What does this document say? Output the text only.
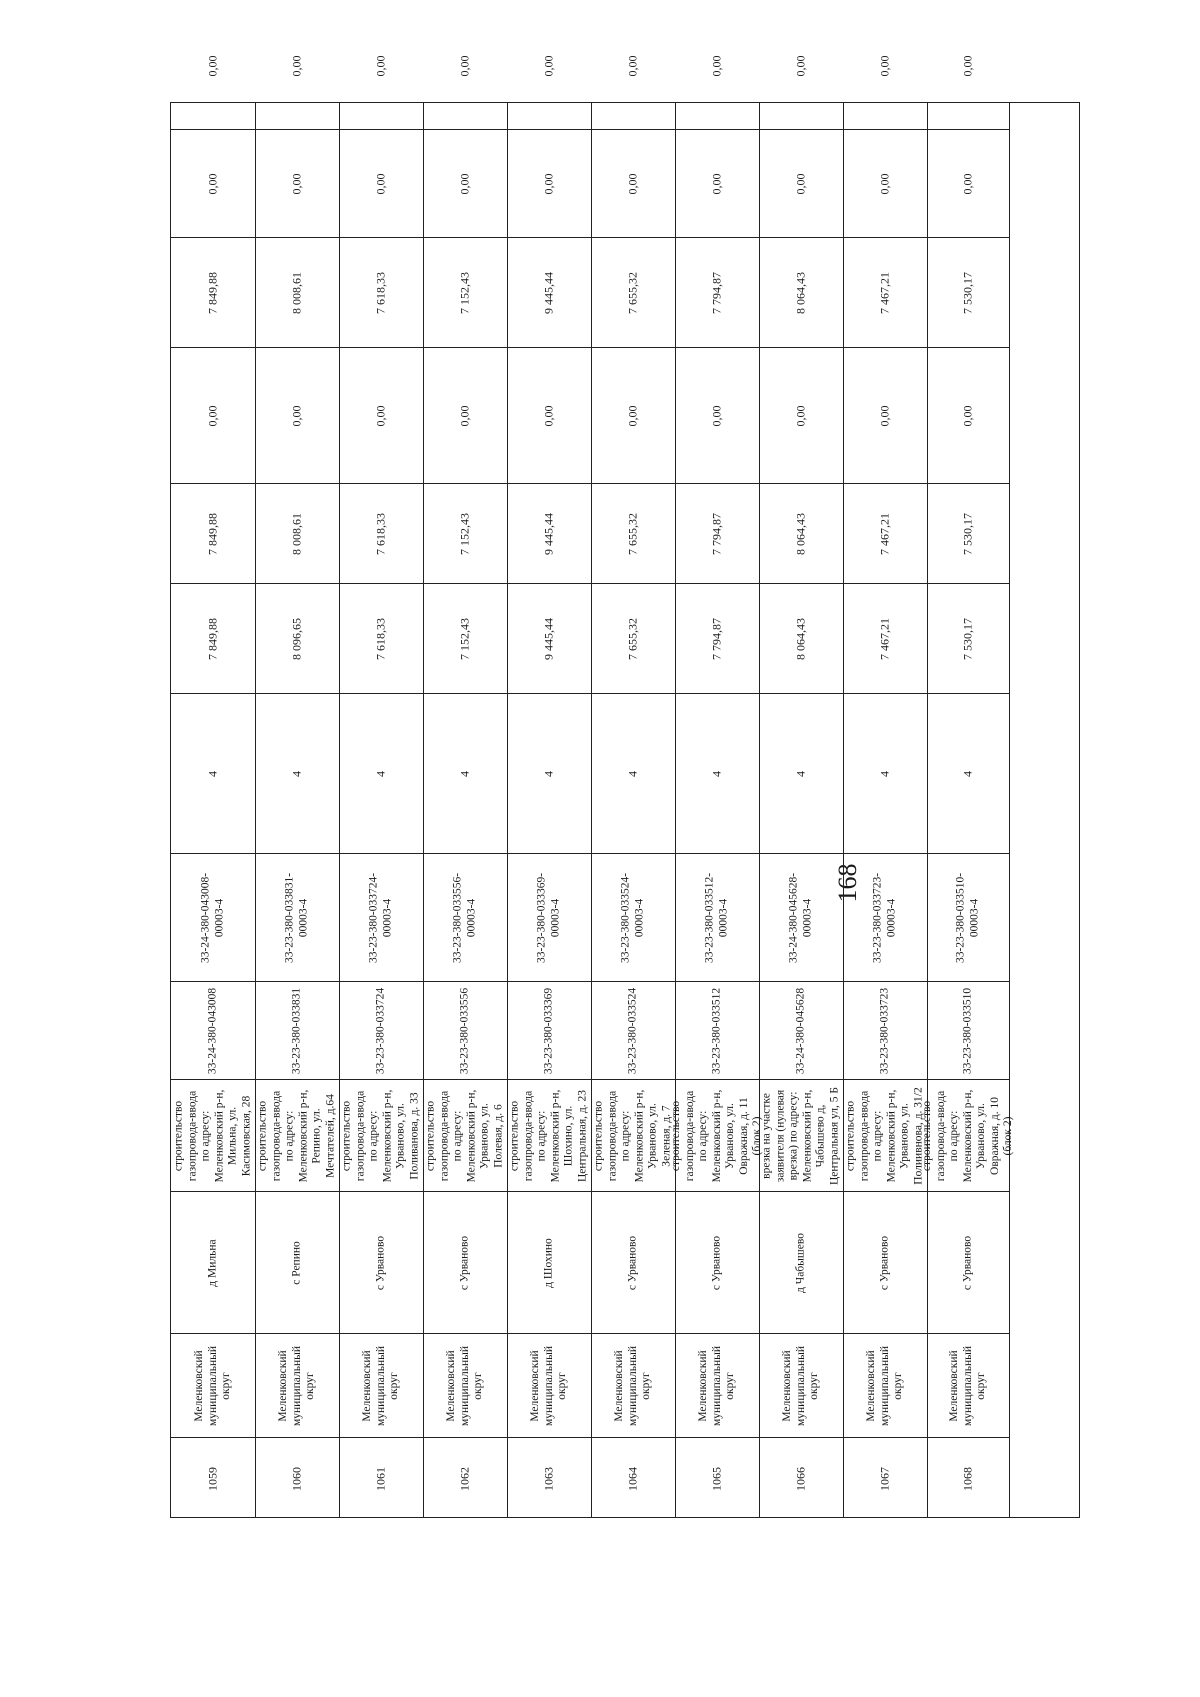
168
1059
Меленковский муниципальный округ
д Мильна
строительство газопровода-ввода по адресу: Меленковский р-н, Мильна, ул. Касимовская, 28
33-24-380-043008
33-24-380-043008-00003-4
4
7 849,88
7 849,88
0,00
7 849,88
0,00
0,00
1060
Меленковский муниципальный округ
с Репино
строительство газопровода-ввода по адресу: Меленковский р-н, Репино, ул. Мечтателей, д.64
33-23-380-033831
33-23-380-033831-00003-4
4
8 096,65
8 008,61
0,00
8 008,61
0,00
0,00
1061
Меленковский муниципальный округ
с Урваново
строительство газопровода-ввода по адресу: Меленковский р-н, Урваново, ул. Поливанова, д. 33
33-23-380-033724
33-23-380-033724-00003-4
4
7 618,33
7 618,33
0,00
7 618,33
0,00
0,00
1062
Меленковский муниципальный округ
с Урваново
строительство газопровода-ввода по адресу: Меленковский р-н, Урваново, ул. Полевая, д. 6
33-23-380-033556
33-23-380-033556-00003-4
4
7 152,43
7 152,43
0,00
7 152,43
0,00
0,00
1063
Меленковский муниципальный округ
д Шохино
строительство газопровода-ввода по адресу: Меленковский р-н, Шохино, ул. Центральная, д. 23
33-23-380-033369
33-23-380-033369-00003-4
4
9 445,44
9 445,44
0,00
9 445,44
0,00
0,00
1064
Меленковский муниципальный округ
с Урваново
строительство газопровода-ввода по адресу: Меленковский р-н, Урваново, ул. Зеленая, д. 7
33-23-380-033524
33-23-380-033524-00003-4
4
7 655,32
7 655,32
0,00
7 655,32
0,00
0,00
1065
Меленковский муниципальный округ
с Урваново
строительство газопровода-ввода по адресу: Меленковский р-н, Урваново, ул. Овражная, д. 11 (блок 2)
33-23-380-033512
33-23-380-033512-00003-4
4
7 794,87
7 794,87
0,00
7 794,87
0,00
0,00
1066
Меленковский муниципальный округ
д Чабышево
врезка на участке заявителя (нулевая врезка) по адресу: Меленковский р-н, Чабышево д, Центральная ул, 5 Б
33-24-380-045628
33-24-380-045628-00003-4
4
8 064,43
8 064,43
0,00
8 064,43
0,00
0,00
1067
Меленковский муниципальный округ
с Урваново
строительство газопровода-ввода по адресу: Меленковский р-н, Урваново, ул. Полиивнова, д. 31/2
33-23-380-033723
33-23-380-033723-00003-4
4
7 467,21
7 467,21
0,00
7 467,21
0,00
0,00
1068
Меленковский муниципальный округ
с Урваново
строительство газопровода-ввода по адресу: Меленковский р-н, Урваново, ул. Овражная, д. 10 (блок 2)
33-23-380-033510
33-23-380-033510-00003-4
4
7 530,17
7 530,17
0,00
7 530,17
0,00
0,00
